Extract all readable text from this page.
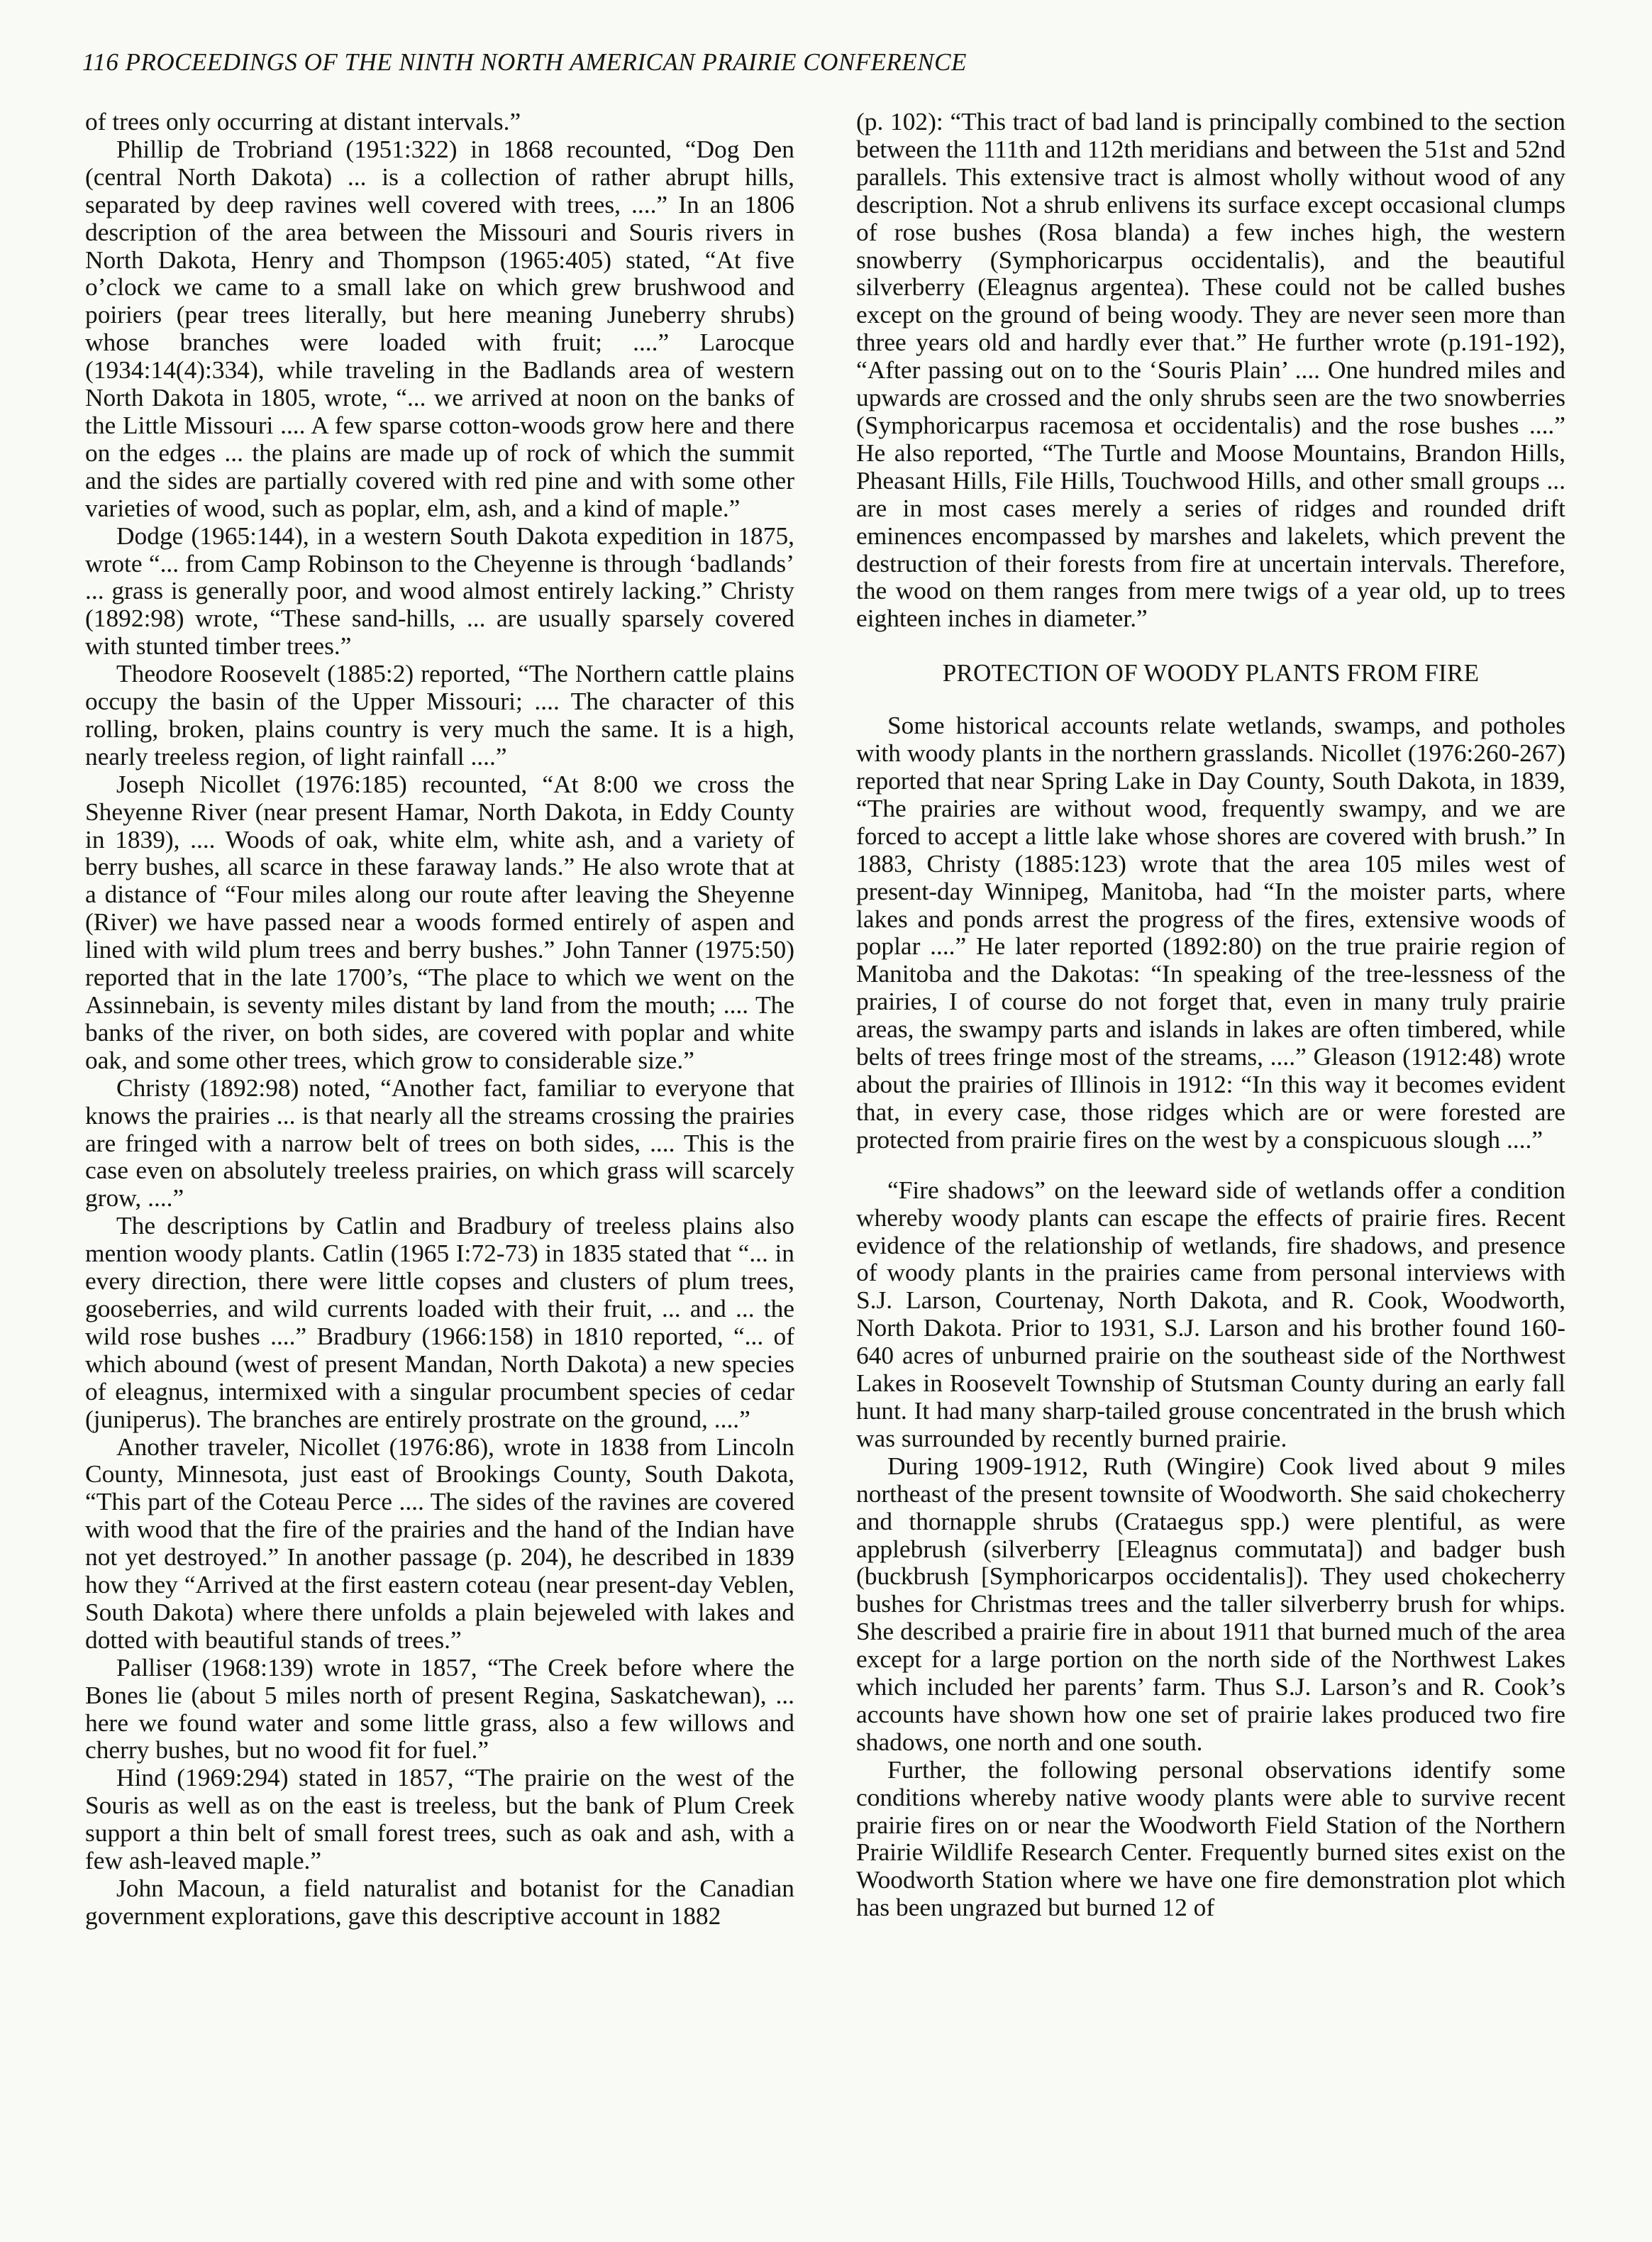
116 PROCEEDINGS OF THE NINTH NORTH AMERICAN PRAIRIE CONFERENCE

of trees only occurring at distant intervals.”

Phillip de Trobriand (1951:322) in 1868 recounted, “Dog Den (central North Dakota) ... is a collection of rather abrupt hills, separated by deep ravines well covered with trees, ....” In an 1806 description of the area between the Missouri and Souris rivers in North Dakota, Henry and Thompson (1965:405) stated, “At five o’clock we came to a small lake on which grew brushwood and poiriers (pear trees literally, but here meaning Juneberry shrubs) whose branches were loaded with fruit; ....” Larocque (1934:14(4):334), while traveling in the Badlands area of western North Dakota in 1805, wrote, “... we arrived at noon on the banks of the Little Missouri .... A few sparse cotton-woods grow here and there on the edges ... the plains are made up of rock of which the summit and the sides are partially covered with red pine and with some other varieties of wood, such as poplar, elm, ash, and a kind of maple.”

Dodge (1965:144), in a western South Dakota expedition in 1875, wrote “... from Camp Robinson to the Cheyenne is through ‘badlands’ ... grass is generally poor, and wood almost entirely lacking.” Christy (1892:98) wrote, “These sand-hills, ... are usually sparsely covered with stunted timber trees.”

Theodore Roosevelt (1885:2) reported, “The Northern cattle plains occupy the basin of the Upper Missouri; .... The character of this rolling, broken, plains country is very much the same. It is a high, nearly treeless region, of light rainfall ....”

Joseph Nicollet (1976:185) recounted, “At 8:00 we cross the Sheyenne River (near present Hamar, North Dakota, in Eddy County in 1839), .... Woods of oak, white elm, white ash, and a variety of berry bushes, all scarce in these faraway lands.” He also wrote that at a distance of “Four miles along our route after leaving the Sheyenne (River) we have passed near a woods formed entirely of aspen and lined with wild plum trees and berry bushes.” John Tanner (1975:50) reported that in the late 1700’s, “The place to which we went on the Assinnebain, is seventy miles distant by land from the mouth; .... The banks of the river, on both sides, are covered with poplar and white oak, and some other trees, which grow to considerable size.”

Christy (1892:98) noted, “Another fact, familiar to everyone that knows the prairies ... is that nearly all the streams crossing the prairies are fringed with a narrow belt of trees on both sides, .... This is the case even on absolutely treeless prairies, on which grass will scarcely grow, ....”

The descriptions by Catlin and Bradbury of treeless plains also mention woody plants. Catlin (1965 I:72-73) in 1835 stated that “... in every direction, there were little copses and clusters of plum trees, gooseberries, and wild currents loaded with their fruit, ... and ... the wild rose bushes ....” Bradbury (1966:158) in 1810 reported, “... of which abound (west of present Mandan, North Dakota) a new species of eleagnus, intermixed with a singular procumbent species of cedar (juniperus). The branches are entirely prostrate on the ground, ....”

Another traveler, Nicollet (1976:86), wrote in 1838 from Lincoln County, Minnesota, just east of Brookings County, South Dakota, “This part of the Coteau Perce .... The sides of the ravines are covered with wood that the fire of the prairies and the hand of the Indian have not yet destroyed.” In another passage (p. 204), he described in 1839 how they “Arrived at the first eastern coteau (near present-day Veblen, South Dakota) where there unfolds a plain bejeweled with lakes and dotted with beautiful stands of trees.”

Palliser (1968:139) wrote in 1857, “The Creek before where the Bones lie (about 5 miles north of present Regina, Saskatchewan), ... here we found water and some little grass, also a few willows and cherry bushes, but no wood fit for fuel.”

Hind (1969:294) stated in 1857, “The prairie on the west of the Souris as well as on the east is treeless, but the bank of Plum Creek support a thin belt of small forest trees, such as oak and ash, with a few ash-leaved maple.”

John Macoun, a field naturalist and botanist for the Canadian government explorations, gave this descriptive account in 1882

(p. 102): “This tract of bad land is principally combined to the section between the 111th and 112th meridians and between the 51st and 52nd parallels. This extensive tract is almost wholly without wood of any description. Not a shrub enlivens its surface except occasional clumps of rose bushes (Rosa blanda) a few inches high, the western snowberry (Symphoricarpus occidentalis), and the beautiful silverberry (Eleagnus argentea). These could not be called bushes except on the ground of being woody. They are never seen more than three years old and hardly ever that.” He further wrote (p.191-192), “After passing out on to the ‘Souris Plain’ .... One hundred miles and upwards are crossed and the only shrubs seen are the two snowberries (Symphoricarpus racemosa et occidentalis) and the rose bushes ....” He also reported, “The Turtle and Moose Mountains, Brandon Hills, Pheasant Hills, File Hills, Touchwood Hills, and other small groups ... are in most cases merely a series of ridges and rounded drift eminences encompassed by marshes and lakelets, which prevent the destruction of their forests from fire at uncertain intervals. Therefore, the wood on them ranges from mere twigs of a year old, up to trees eighteen inches in diameter.”

PROTECTION OF WOODY PLANTS FROM FIRE

Some historical accounts relate wetlands, swamps, and potholes with woody plants in the northern grasslands. Nicollet (1976:260-267) reported that near Spring Lake in Day County, South Dakota, in 1839, “The prairies are without wood, frequently swampy, and we are forced to accept a little lake whose shores are covered with brush.” In 1883, Christy (1885:123) wrote that the area 105 miles west of present-day Winnipeg, Manitoba, had “In the moister parts, where lakes and ponds arrest the progress of the fires, extensive woods of poplar ....” He later reported (1892:80) on the true prairie region of Manitoba and the Dakotas: “In speaking of the tree-lessness of the prairies, I of course do not forget that, even in many truly prairie areas, the swampy parts and islands in lakes are often timbered, while belts of trees fringe most of the streams, ....” Gleason (1912:48) wrote about the prairies of Illinois in 1912: “In this way it becomes evident that, in every case, those ridges which are or were forested are protected from prairie fires on the west by a conspicuous slough ....”

“Fire shadows” on the leeward side of wetlands offer a condition whereby woody plants can escape the effects of prairie fires. Recent evidence of the relationship of wetlands, fire shadows, and presence of woody plants in the prairies came from personal interviews with S.J. Larson, Courtenay, North Dakota, and R. Cook, Woodworth, North Dakota. Prior to 1931, S.J. Larson and his brother found 160-640 acres of unburned prairie on the southeast side of the Northwest Lakes in Roosevelt Township of Stutsman County during an early fall hunt. It had many sharp-tailed grouse concentrated in the brush which was surrounded by recently burned prairie.

During 1909-1912, Ruth (Wingire) Cook lived about 9 miles northeast of the present townsite of Woodworth. She said chokecherry and thornapple shrubs (Crataegus spp.) were plentiful, as were applebrush (silverberry [Eleagnus commutata]) and badger bush (buckbrush [Symphoricarpos occidentalis]). They used chokecherry bushes for Christmas trees and the taller silverberry brush for whips. She described a prairie fire in about 1911 that burned much of the area except for a large portion on the north side of the Northwest Lakes which included her parents’ farm. Thus S.J. Larson’s and R. Cook’s accounts have shown how one set of prairie lakes produced two fire shadows, one north and one south.

Further, the following personal observations identify some conditions whereby native woody plants were able to survive recent prairie fires on or near the Woodworth Field Station of the Northern Prairie Wildlife Research Center. Frequently burned sites exist on the Woodworth Station where we have one fire demonstration plot which has been ungrazed but burned 12 of
